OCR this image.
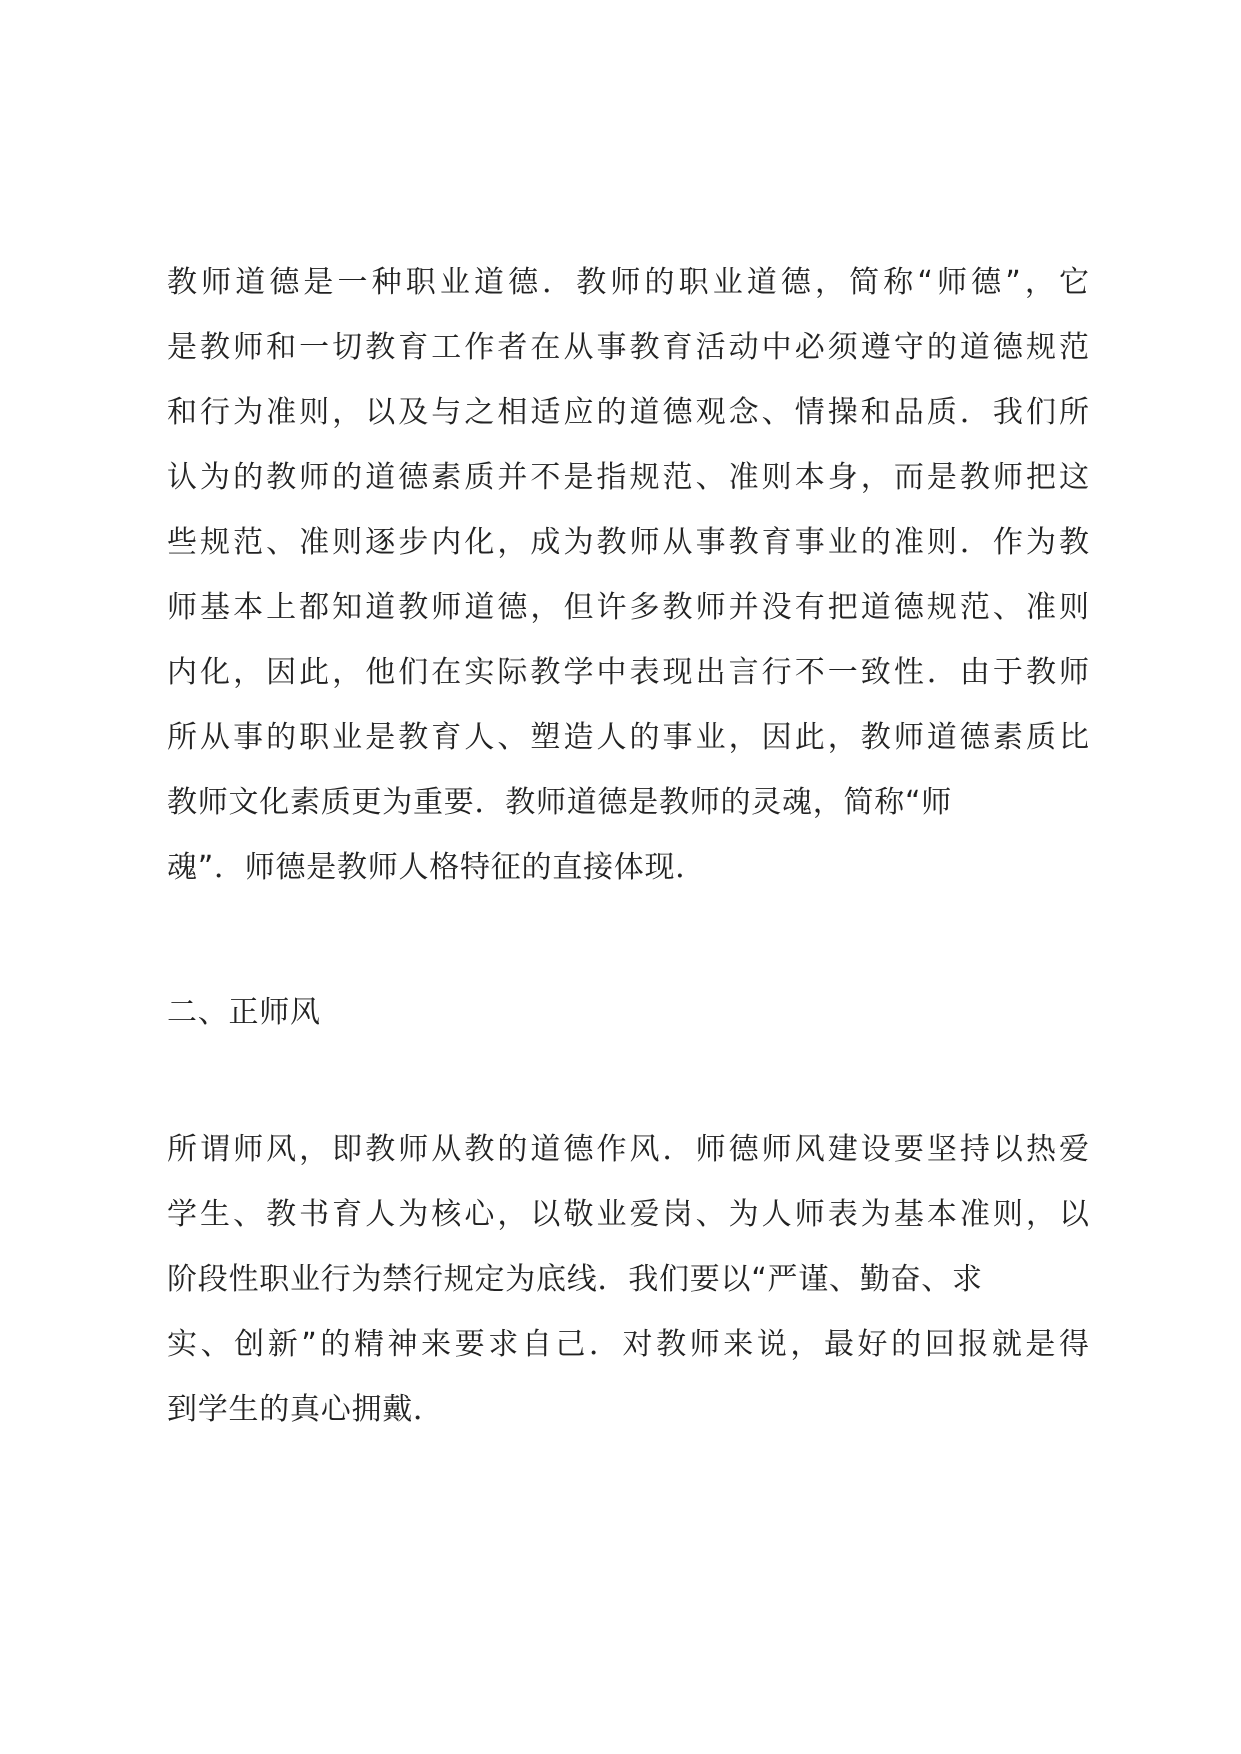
教师道德是一种职业道德．教师的职业道德，简称“师德”，它
是教师和一切教育工作者在从事教育活动中必须遵守的道德规范
和行为准则，以及与之相适应的道德观念、情操和品质．我们所
认为的教师的道德素质并不是指规范、准则本身，而是教师把这
些规范、准则逐步内化，成为教师从事教育事业的准则．作为教
师基本上都知道教师道德，但许多教师并没有把道德规范、准则
内化，因此，他们在实际教学中表现出言行不一致性．由于教师
所从事的职业是教育人、塑造人的事业，因此，教师道德素质比
教师文化素质更为重要．教师道德是教师的灵魂，简称“师
魂”．师德是教师人格特征的直接体现．
二、正师风
所谓师风，即教师从教的道德作风．师德师风建设要坚持以热爱
学生、教书育人为核心，以敬业爱岗、为人师表为基本准则，以
阶段性职业行为禁行规定为底线．我们要以“严谨、勤奋、求
实、创新”的精神来要求自己．对教师来说，最好的回报就是得
到学生的真心拥戴．
